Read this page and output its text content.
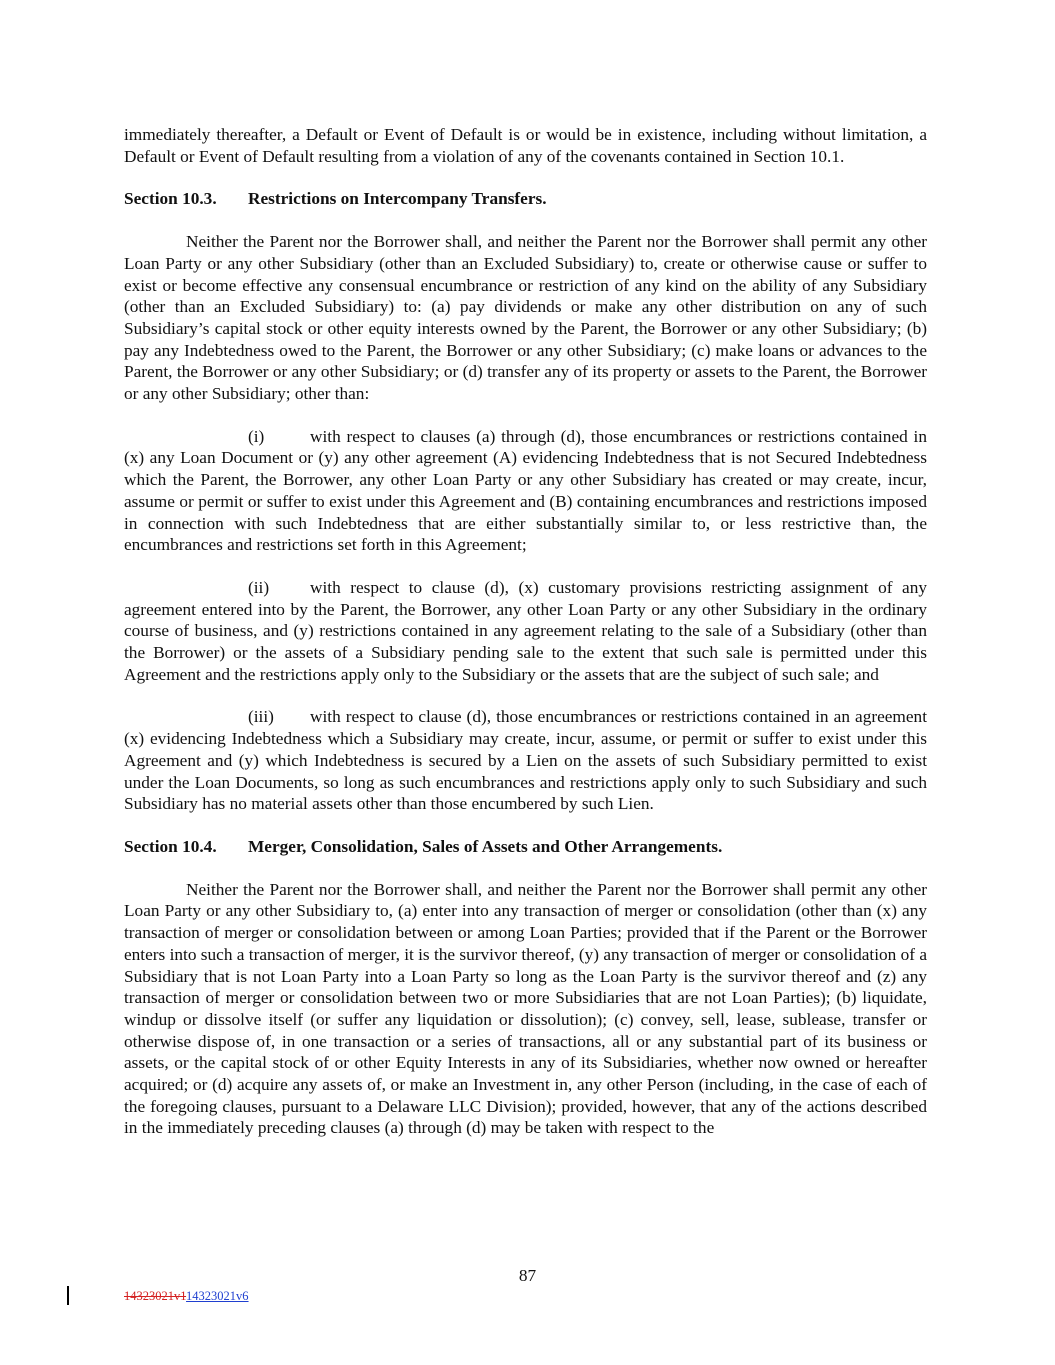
immediately thereafter, a Default or Event of Default is or would be in existence, including without limitation, a Default or Event of Default resulting from a violation of any of the covenants contained in Section 10.1.

Section 10.3. Restrictions on Intercompany Transfers.

Neither the Parent nor the Borrower shall, and neither the Parent nor the Borrower shall permit any other Loan Party or any other Subsidiary (other than an Excluded Subsidiary) to, create or otherwise cause or suffer to exist or become effective any consensual encumbrance or restriction of any kind on the ability of any Subsidiary (other than an Excluded Subsidiary) to: (a) pay dividends or make any other distribution on any of such Subsidiary’s capital stock or other equity interests owned by the Parent, the Borrower or any other Subsidiary; (b) pay any Indebtedness owed to the Parent, the Borrower or any other Subsidiary; (c) make loans or advances to the Parent, the Borrower or any other Subsidiary; or (d) transfer any of its property or assets to the Parent, the Borrower or any other Subsidiary; other than:

(i)	with respect to clauses (a) through (d), those encumbrances or restrictions contained in (x) any Loan Document or (y) any other agreement (A) evidencing Indebtedness that is not Secured Indebtedness which the Parent, the Borrower, any other Loan Party or any other Subsidiary has created or may create, incur, assume or permit or suffer to exist under this Agreement and (B) containing encumbrances and restrictions imposed in connection with such Indebtedness that are either substantially similar to, or less restrictive than, the encumbrances and restrictions set forth in this Agreement;

(ii) with respect to clause (d), (x) customary provisions restricting assignment of any agreement entered into by the Parent, the Borrower, any other Loan Party or any other Subsidiary in the ordinary course of business, and (y) restrictions contained in any agreement relating to the sale of a Subsidiary (other than the Borrower) or the assets of a Subsidiary pending sale to the extent that such sale is permitted under this Agreement and the restrictions apply only to the Subsidiary or the assets that are the subject of such sale; and

(iii) with respect to clause (d), those encumbrances or restrictions contained in an agreement (x) evidencing Indebtedness which a Subsidiary may create, incur, assume, or permit or suffer to exist under this Agreement and (y) which Indebtedness is secured by a Lien on the assets of such Subsidiary permitted to exist under the Loan Documents, so long as such encumbrances and restrictions apply only to such Subsidiary and such Subsidiary has no material assets other than those encumbered by such Lien.

Section 10.4. Merger, Consolidation, Sales of Assets and Other Arrangements.

Neither the Parent nor the Borrower shall, and neither the Parent nor the Borrower shall permit any other Loan Party or any other Subsidiary to, (a) enter into any transaction of merger or consolidation (other than (x) any transaction of merger or consolidation between or among Loan Parties; provided that if the Parent or the Borrower enters into such a transaction of merger, it is the survivor thereof, (y) any transaction of merger or consolidation of a Subsidiary that is not Loan Party into a Loan Party so long as the Loan Party is the survivor thereof and (z) any transaction of merger or consolidation between two or more Subsidiaries that are not Loan Parties); (b) liquidate, windup or dissolve itself (or suffer any liquidation or dissolution); (c) convey, sell, lease, sublease, transfer or otherwise dispose of, in one transaction or a series of transactions, all or any substantial part of its business or assets, or the capital stock of or other Equity Interests in any of its Subsidiaries, whether now owned or hereafter acquired; or (d) acquire any assets of, or make an Investment in, any other Person (including, in the case of each of the foregoing clauses, pursuant to a Delaware LLC Division); provided, however, that any of the actions described in the immediately preceding clauses (a) through (d) may be taken with respect to the

87
14323021v114323021v6
